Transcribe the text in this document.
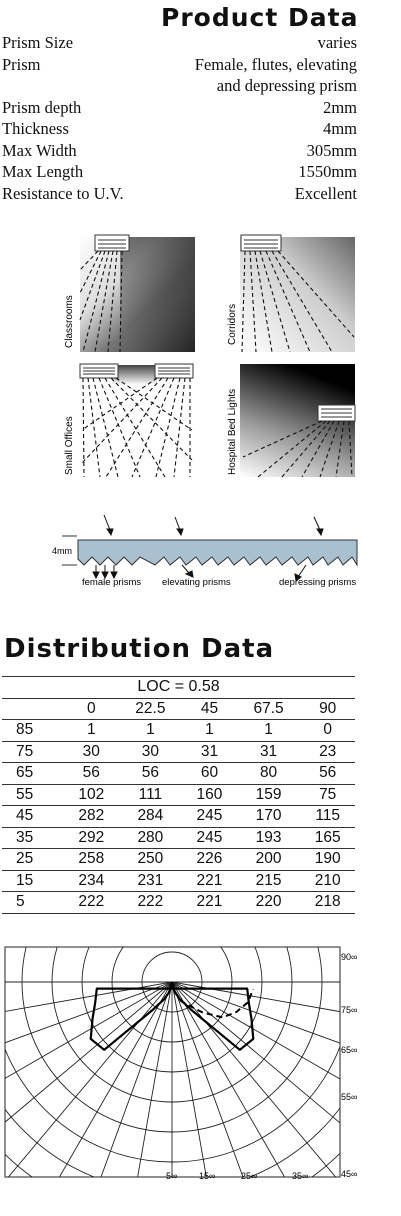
Product Data
Prism Size	varies
Prism	Female, flutes, elevating
and depressing prism
Prism depth	2mm
Thickness	4mm
Max Width	305mm
Max Length	1550mm
Resistance to U.V.	Excellent
Classrooms	Corridors
Small Offices	Hospital Bed Lights
4mm
female prisms elevating prisms	depressing prisms
Distribution Data
LOC = 0.58					
	0	22.5	45	67.5	90
85	1	1	1	1	0
75	30	30	31	31	23
65	56	56	60	80	56
55	102	111	160	159	75
45	282	284	245	170	115
35	292	280	245	193	165
25	258	250	226	200	190
15	234	231	221	215	210
5	222	222	221	220	218
90∞
75∞
65∞
55∞
45∞
5∞ 15∞	25∞	35∞
